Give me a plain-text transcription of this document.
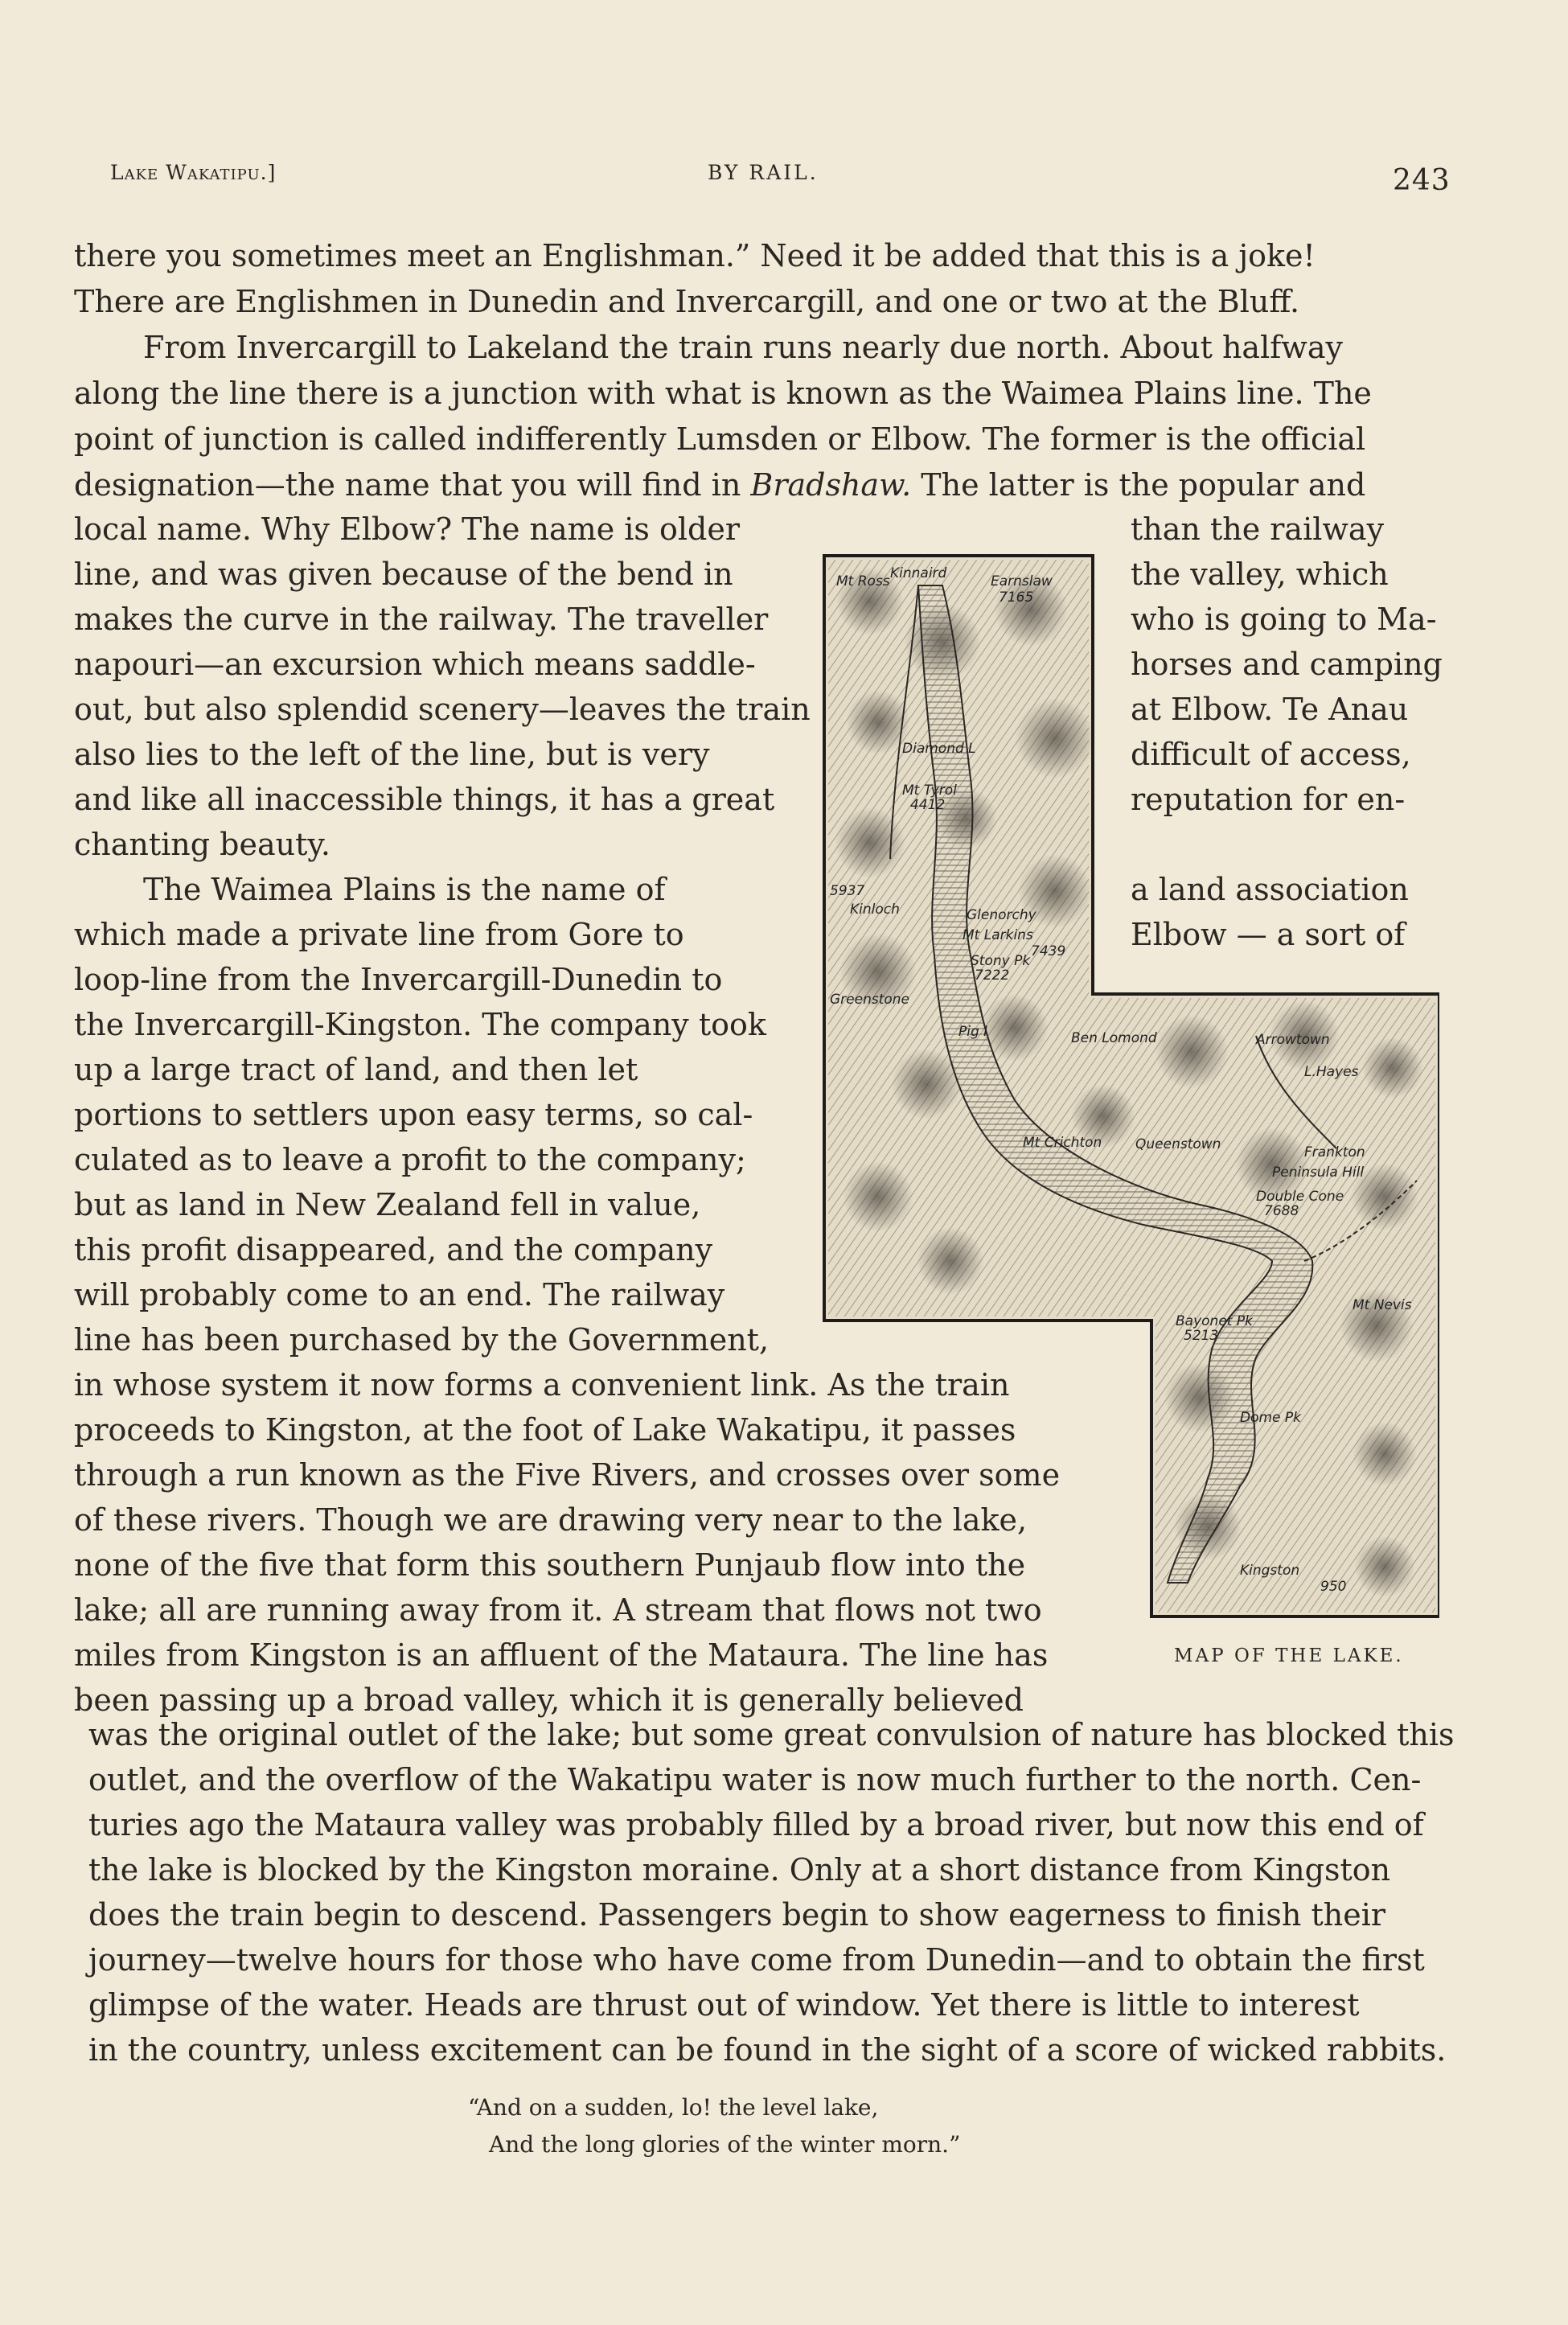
Lake Wakatipu.]	BY RAIL.	243
there you sometimes meet an Englishman.” Need it be added that this is a joke!
There are Englishmen in Dunedin and Invercargill, and one or two at the Bluff.
From Invercargill to Lakeland the train runs nearly due north. About halfway
along the line there is a junction with what is known as the Waimea Plains line. The
point of junction is called indifferently Lumsden or Elbow. The former is the official
designation—the name that you will find in Bradshaw. The latter is the popular and
local name. Why Elbow? The name is older	than the railway
line, and was given because of the bend in	the valley, which
makes the curve in the railway. The traveller	who is going to Ma-
napouri—an excursion which means saddle-	horses and camping
out, but also splendid scenery—leaves the train	at Elbow. Te Anau
also lies to the left of the line, but is very	difficult of access,
and like all inaccessible things, it has a great	reputation for en-
chanting beauty.
The Waimea Plains is the name of	a land association
which made a private line from Gore to	Elbow — a sort of
loop-line from the Invercargill-Dunedin to
the Invercargill-Kingston. The company took
up a large tract of land, and then let
portions to settlers upon easy terms, so cal-
culated as to leave a profit to the company;
but as land in New Zealand fell in value,
this profit disappeared, and the company
will probably come to an end. The railway
line has been purchased by the Government,
in whose system it now forms a convenient link. As the train
proceeds to Kingston, at the foot of Lake Wakatipu, it passes
through a run known as the Five Rivers, and crosses over some
of these rivers. Though we are drawing very near to the lake,
none of the five that form this southern Punjaub flow into the
lake; all are running away from it. A stream that flows not two
miles from Kingston is an affluent of the Mataura. The line has
been passing up a broad valley, which it is generally believed
MAP OF THE LAKE.
was the original outlet of the lake; but some great convulsion of nature has blocked this
outlet, and the overflow of the Wakatipu water is now much further to the north. Cen-
turies ago the Mataura valley was probably filled by a broad river, but now this end of
the lake is blocked by the Kingston moraine. Only at a short distance from Kingston
does the train begin to descend. Passengers begin to show eagerness to finish their
journey—twelve hours for those who have come from Dunedin—and to obtain the first
glimpse of the water. Heads are thrust out of window. Yet there is little to interest
in the country, unless excitement can be found in the sight of a score of wicked rabbits.
“And on a sudden, lo! the level lake,
And the long glories of the winter morn.”
Mt Ross Kinnaird	Earnslaw
7165
Diamond L
Mt Tyrol
4412
5937
Kinloch	Glenorchy
Mt Larkins
7439
Stony Pk
7222
Greenstone
Pig I	Ben Lomond
Mt Crichton Queenstown	Frankton
Peninsula Hill
Double Cone
7688
Arrowtown
L.Hayes
Mt Nevis
Bayonet Pk
5213
Dome Pk
Kingston
950
